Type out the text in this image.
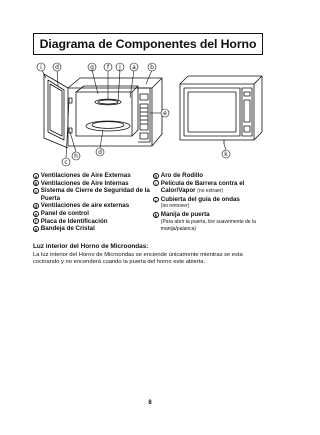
Diagrama de Componentes del Horno
i d	g f j a b
e
d
h
c
k
a Ventilaciones de Aire Externas
b Ventilaciones de Aire Internas
c Sistema de Cierre de Seguridad de la Puerta
d Ventilaciones de aire externas
e Panel de control
f Placa de Identificación
g Bandeja de Cristal
h Aro de Rodillo
i Película de Barrera contra el Calor/Vapor (no extraer)
j Cubierta del guía de ondas
(no remover)
k Manija de puerta
(Para abrir la puerta, tire suavemente de la manija/palanca)
Luz interior del Horno de Microondas:
La luz interior del Horno de Microondas se enciende únicamente mientras se esta cocinando y no encenderá cuando la puerta del horno este abierta.
8
